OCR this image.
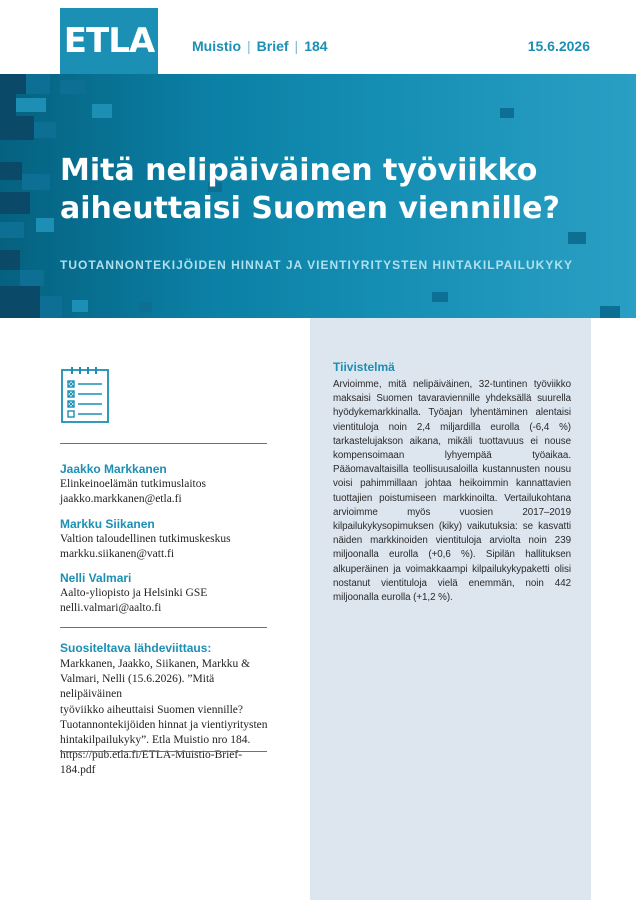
ETLA	Muistio | Brief | 184	15.6.2026
Mitä nelipäiväinen työviikko
aiheuttaisi Suomen viennille?
TUOTANNONTEKIJÖIDEN HINNAT JA VIENTIYRITYSTEN HINTAKILPAILUKYKY
Jaakko Markkanen
Elinkeinoelämän tutkimuslaitos
jaakko.markkanen@etla.fi
Markku Siikanen
Valtion taloudellinen tutkimuskeskus
markku.siikanen@vatt.fi
Nelli Valmari
Aalto-yliopisto ja Helsinki GSE
nelli.valmari@aalto.fi
Suositeltava lähdeviittaus:
Markkanen, Jaakko, Siikanen, Markku &
Valmari, Nelli (15.6.2026). ”Mitä nelipäiväinen
työviikko aiheuttaisi Suomen viennille?
Tuotannontekijöiden hinnat ja vientiyritysten
hintakilpailukyky”. Etla Muistio nro 184.
https://pub.etla.fi/ETLA-Muistio-Brief-184.pdf
Tiivistelmä

Arvioimme, mitä nelipäiväinen, 32-tuntinen työviikko maksaisi Suomen tavaraviennille yhdeksällä suurella hyödykemarkkinalla. Työajan lyhentäminen alentaisi vientituloja noin 2,4 miljardilla eurolla (-6,4 %) tarkastelujakson aikana, mikäli tuottavuus ei nouse kompensoimaan lyhyempää työaikaa. Pääomavaltaisilla teollisuusaloilla kustannusten nousu voisi pahimmillaan johtaa heikoimmin kannattavien tuottajien poistumiseen markkinoilta. Vertailukohtana arvioimme myös vuosien 2017–2019 kilpailukykysopimuksen (kiky) vaikutuksia: se kasvatti näiden markkinoiden vientituloja arviolta noin 239 miljoonalla eurolla (+0,6 %). Sipilän hallituksen alkuperäinen ja voimakkaampi kilpailukykypaketti olisi nostanut vientituloja vielä enemmän, noin 442 miljoonalla eurolla (+1,2 %).
